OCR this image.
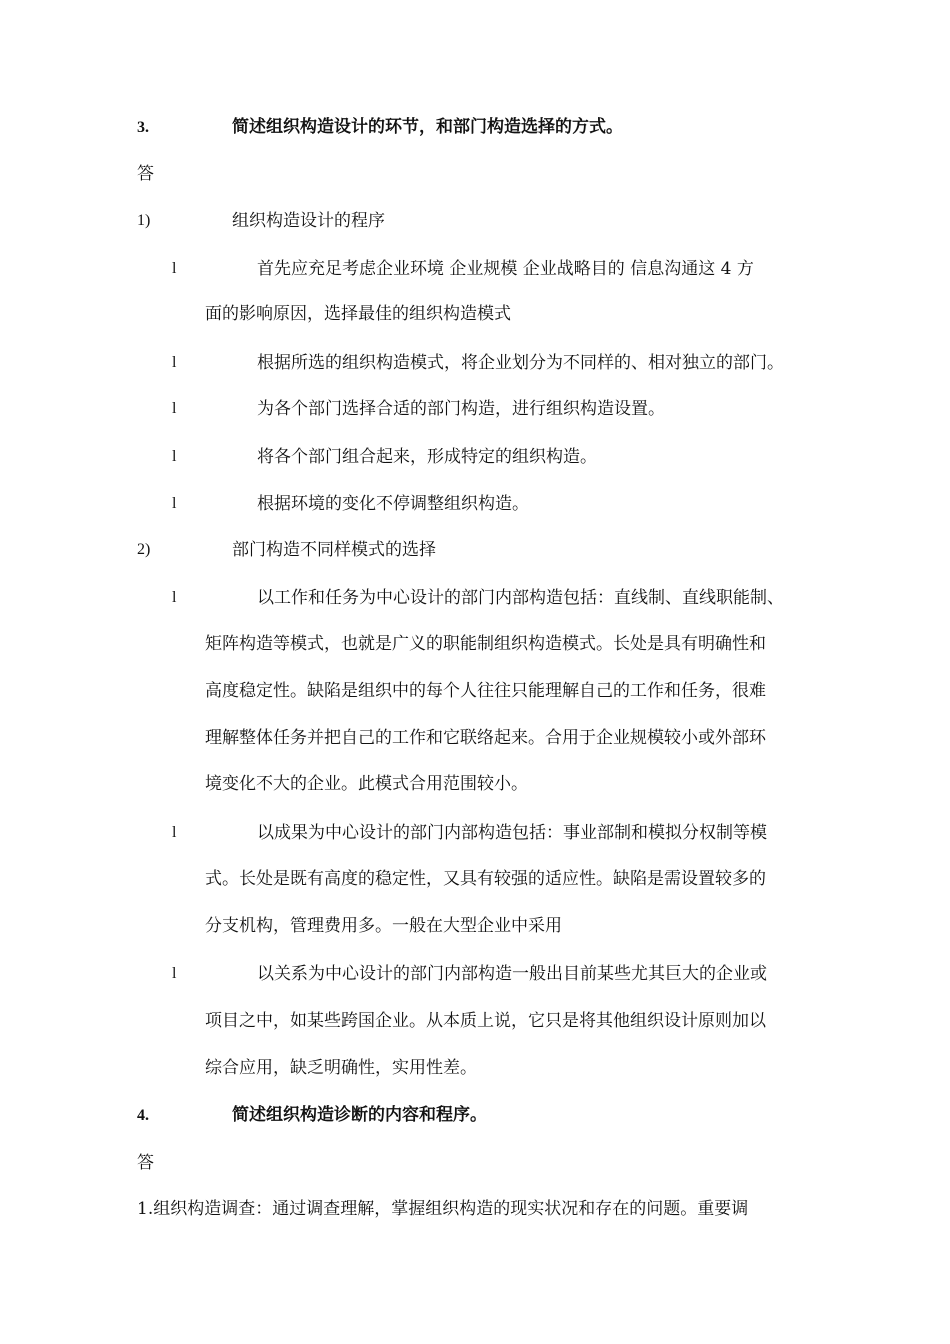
3.	简述组织构造设计的环节，和部门构造选择的方式。
答
1)	组织构造设计的程序
l	首先应充足考虑企业环境 企业规模 企业战略目的 信息沟通这 4 方
面的影响原因，选择最佳的组织构造模式
l	根据所选的组织构造模式，将企业划分为不同样的、相对独立的部门。
l	为各个部门选择合适的部门构造，进行组织构造设置。
l	将各个部门组合起来，形成特定的组织构造。
l	根据环境的变化不停调整组织构造。
2)	部门构造不同样模式的选择
l	以工作和任务为中心设计的部门内部构造包括：直线制、直线职能制、
矩阵构造等模式，也就是广义的职能制组织构造模式。长处是具有明确性和
高度稳定性。缺陷是组织中的每个人往往只能理解自己的工作和任务，很难
理解整体任务并把自己的工作和它联络起来。合用于企业规模较小或外部环
境变化不大的企业。此模式合用范围较小。
l	以成果为中心设计的部门内部构造包括：事业部制和模拟分权制等模
式。长处是既有高度的稳定性，又具有较强的适应性。缺陷是需设置较多的
分支机构，管理费用多。一般在大型企业中采用
l	以关系为中心设计的部门内部构造一般出目前某些尤其巨大的企业或
项目之中，如某些跨国企业。从本质上说，它只是将其他组织设计原则加以
综合应用，缺乏明确性，实用性差。
4.	简述组织构造诊断的内容和程序。
答
1.组织构造调查：通过调查理解，掌握组织构造的现实状况和存在的问题。重要调
